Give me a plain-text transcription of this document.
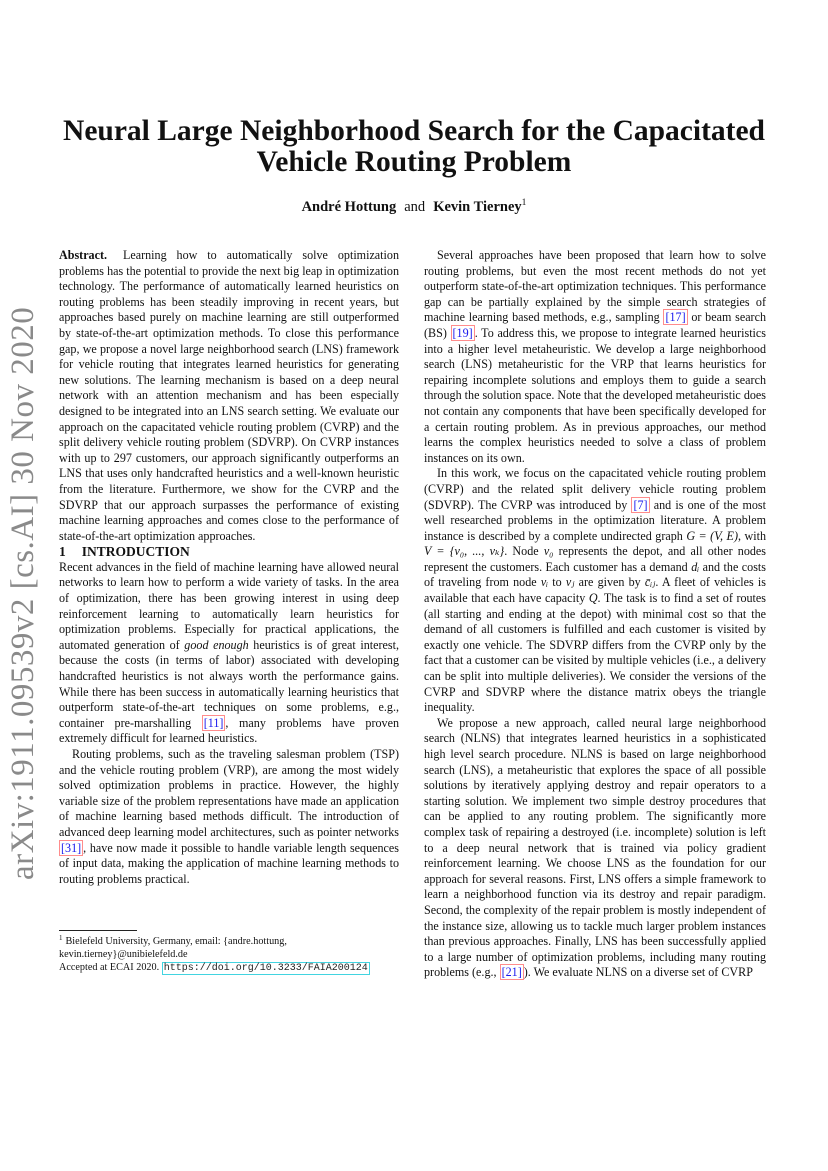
arXiv:1911.09539v2 [cs.AI] 30 Nov 2020
Neural Large Neighborhood Search for the Capacitated
Vehicle Routing Problem
André Hottung and Kevin Tierney$^1$

Abstract. Learning how to automatically solve optimization problems has the potential to provide the next big leap in optimization technology. The performance of automatically learned heuristics on routing problems has been steadily improving in recent years, but approaches based purely on machine learning are still outperformed by state-of-the-art optimization methods. To close this performance gap, we propose a novel large neighborhood search (LNS) framework for vehicle routing that integrates learned heuristics for generating new solutions. The learning mechanism is based on a deep neural network with an attention mechanism and has been especially designed to be integrated into an LNS search setting. We evaluate our approach on the capacitated vehicle routing problem (CVRP) and the split delivery vehicle routing problem (SDVRP). On CVRP instances with up to 297 customers, our approach significantly outperforms an LNS that uses only handcrafted heuristics and a well-known heuristic from the literature. Furthermore, we show for the CVRP and the SDVRP that our approach surpasses the performance of existing machine learning approaches and comes close to the performance of state-of-the-art optimization approaches.

1 INTRODUCTION

Recent advances in the field of machine learning have allowed neural networks to learn how to perform a wide variety of tasks. In the area of optimization, there has been growing interest in using deep reinforcement learning to automatically learn heuristics for optimization problems. Especially for practical applications, the automated generation of good enough heuristics is of great interest, because the costs (in terms of labor) associated with developing handcrafted heuristics is not always worth the performance gains. While there has been success in automatically learning heuristics that outperform state-of-the-art techniques on some problems, e.g., container pre-marshalling [11] , many problems have proven extremely difficult for learned heuristics.

Routing problems, such as the traveling salesman problem (TSP) and the vehicle routing problem (VRP), are among the most widely solved optimization problems in practice. However, the highly variable size of the problem representations have made an application of machine learning based methods difficult. The introduction of advanced deep learning model architectures, such as pointer networks [31] , have now made it possible to handle variable length sequences of input data, making the application of machine learning methods to routing problems practical.

$^1$ Bielefeld University, Germany, email: {andre.hottung, kevin.tierney}@unibielefeld.de

Accepted at ECAI 2020. https://doi.org/10.3233/FAIA200124

Several approaches have been proposed that learn how to solve routing problems, but even the most recent methods do not yet outperform state-of-the-art optimization techniques. This performance gap can be partially explained by the simple search strategies of machine learning based methods, e.g., sampling [17] or beam search (BS) [19] . To address this, we propose to integrate learned heuristics into a higher level metaheuristic. We develop a large neighborhood search (LNS) metaheuristic for the VRP that learns heuristics for repairing incomplete solutions and employs them to guide a search through the solution space. Note that the developed metaheuristic does not contain any components that have been specifically developed for a certain routing problem. As in previous approaches, our method learns the complex heuristics needed to solve a class of problem instances on its own.

In this work, we focus on the capacitated vehicle routing problem (CVRP) and the related split delivery vehicle routing problem (SDVRP). The CVRP was introduced by [7] and is one of the most well researched problems in the optimization literature. A problem instance is described by a complete undirected graph G = (V, E), with V = {v₀, ..., vₖ}. Node v₀ represents the depot, and all other nodes represent the customers. Each customer has a demand dᵢ and the costs of traveling from node vᵢ to vⱼ are given by c̄ᵢⱼ. A fleet of vehicles is available that each have capacity Q. The task is to find a set of routes (all starting and ending at the depot) with minimal cost so that the demand of all customers is fulfilled and each customer is visited by exactly one vehicle. The SDVRP differs from the CVRP only by the fact that a customer can be visited by multiple vehicles (i.e., a delivery can be split into multiple deliveries). We consider the versions of the CVRP and SDVRP where the distance matrix obeys the triangle inequality.

We propose a new approach, called neural large neighborhood search (NLNS) that integrates learned heuristics in a sophisticated high level search procedure. NLNS is based on large neighborhood search (LNS), a metaheuristic that explores the space of all possible solutions by iteratively applying destroy and repair operators to a starting solution. We implement two simple destroy procedures that can be applied to any routing problem. The significantly more complex task of repairing a destroyed (i.e. incomplete) solution is left to a deep neural network that is trained via policy gradient reinforcement learning. We choose LNS as the foundation for our approach for several reasons. First, LNS offers a simple framework to learn a neighborhood function via its destroy and repair paradigm. Second, the complexity of the repair problem is mostly independent of the instance size, allowing us to tackle much larger problem instances than previous approaches. Finally, LNS has been successfully applied to a large number of optimization problems, including many routing problems (e.g., [21] ). We evaluate NLNS on a diverse set of CVRP
